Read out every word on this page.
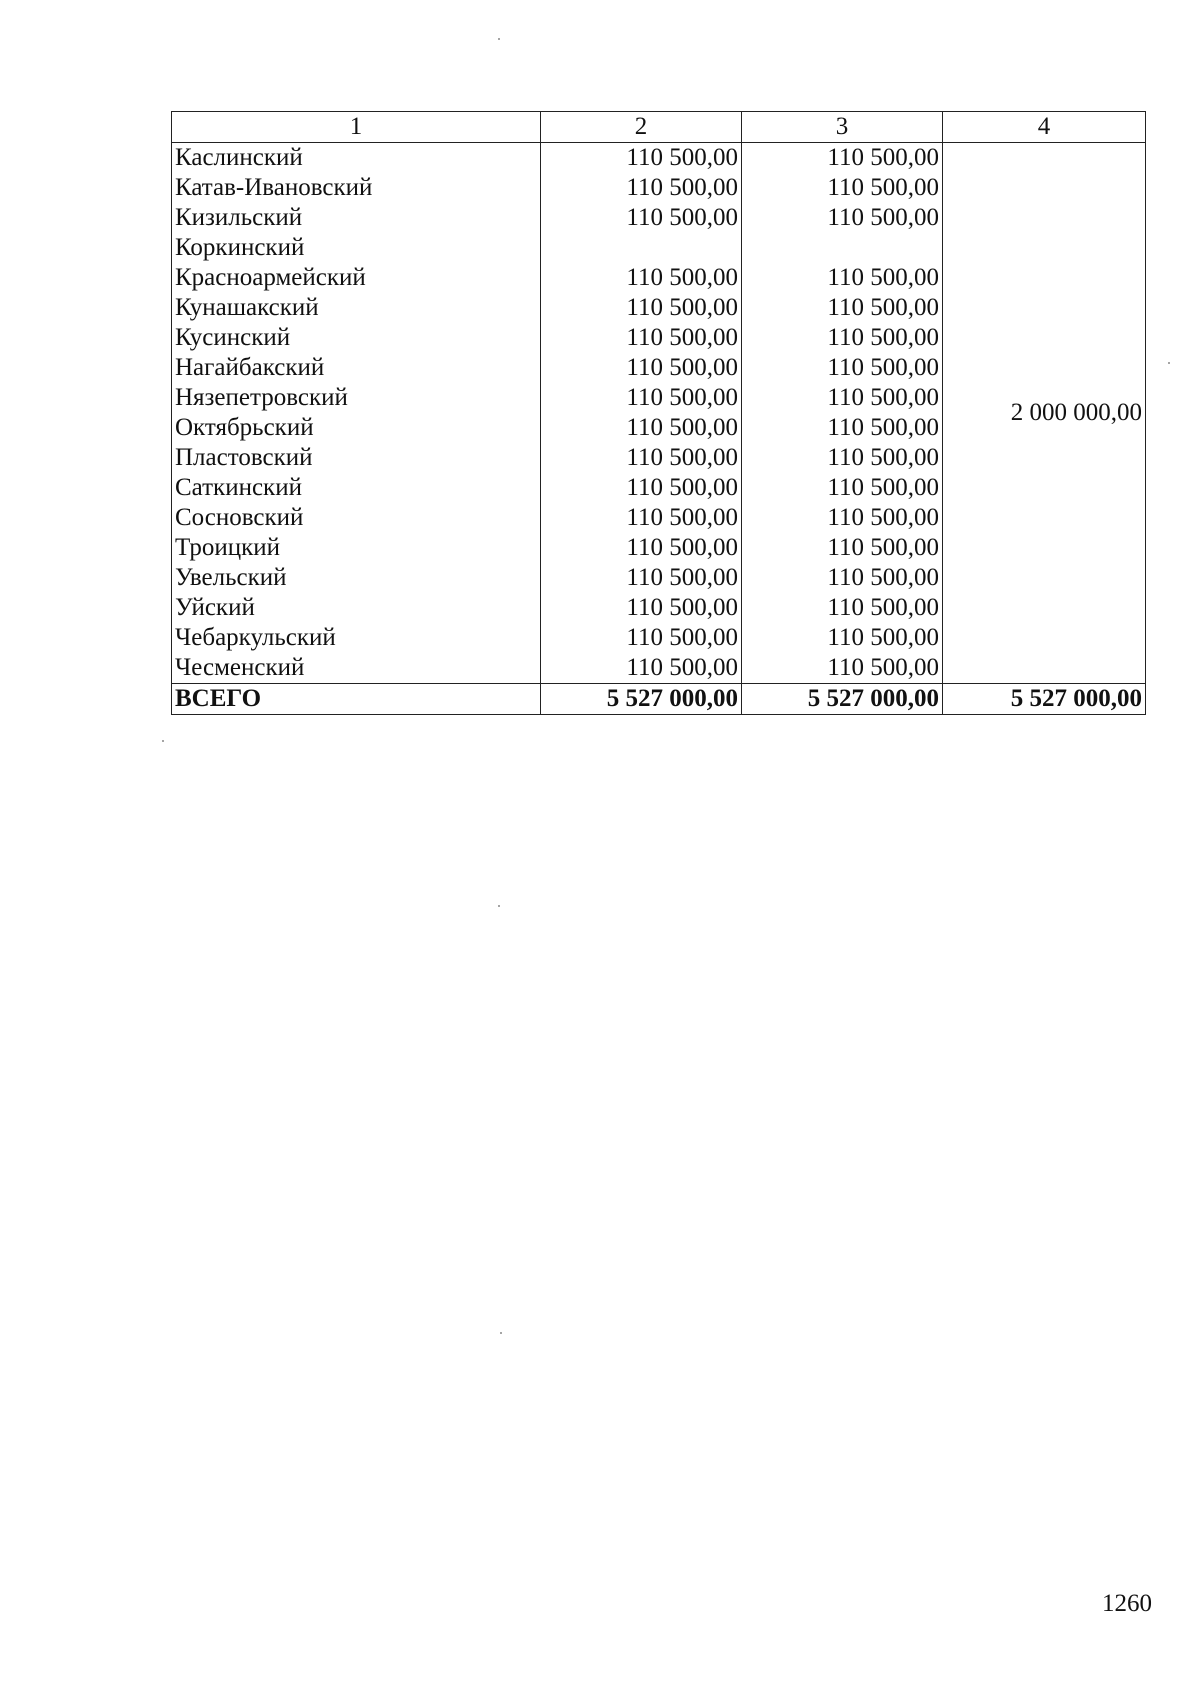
1	2	3	4
Каслинский	110 500,00	110 500,00	2 000 000,00
Катав-Ивановский	110 500,00	110 500,00	
Кизильский	110 500,00	110 500,00	
Коркинский			
Красноармейский	110 500,00	110 500,00	
Кунашакский	110 500,00	110 500,00	
Кусинский	110 500,00	110 500,00	
Нагайбакский	110 500,00	110 500,00	
Нязепетровский	110 500,00	110 500,00	
Октябрьский	110 500,00	110 500,00	
Пластовский	110 500,00	110 500,00	
Саткинский	110 500,00	110 500,00	
Сосновский	110 500,00	110 500,00	
Троицкий	110 500,00	110 500,00	
Увельский	110 500,00	110 500,00	
Уйский	110 500,00	110 500,00	
Чебаркульский	110 500,00	110 500,00	
Чесменский	110 500,00	110 500,00	
ВСЕГО	5 527 000,00	5 527 000,00	5 527 000,00
1260
